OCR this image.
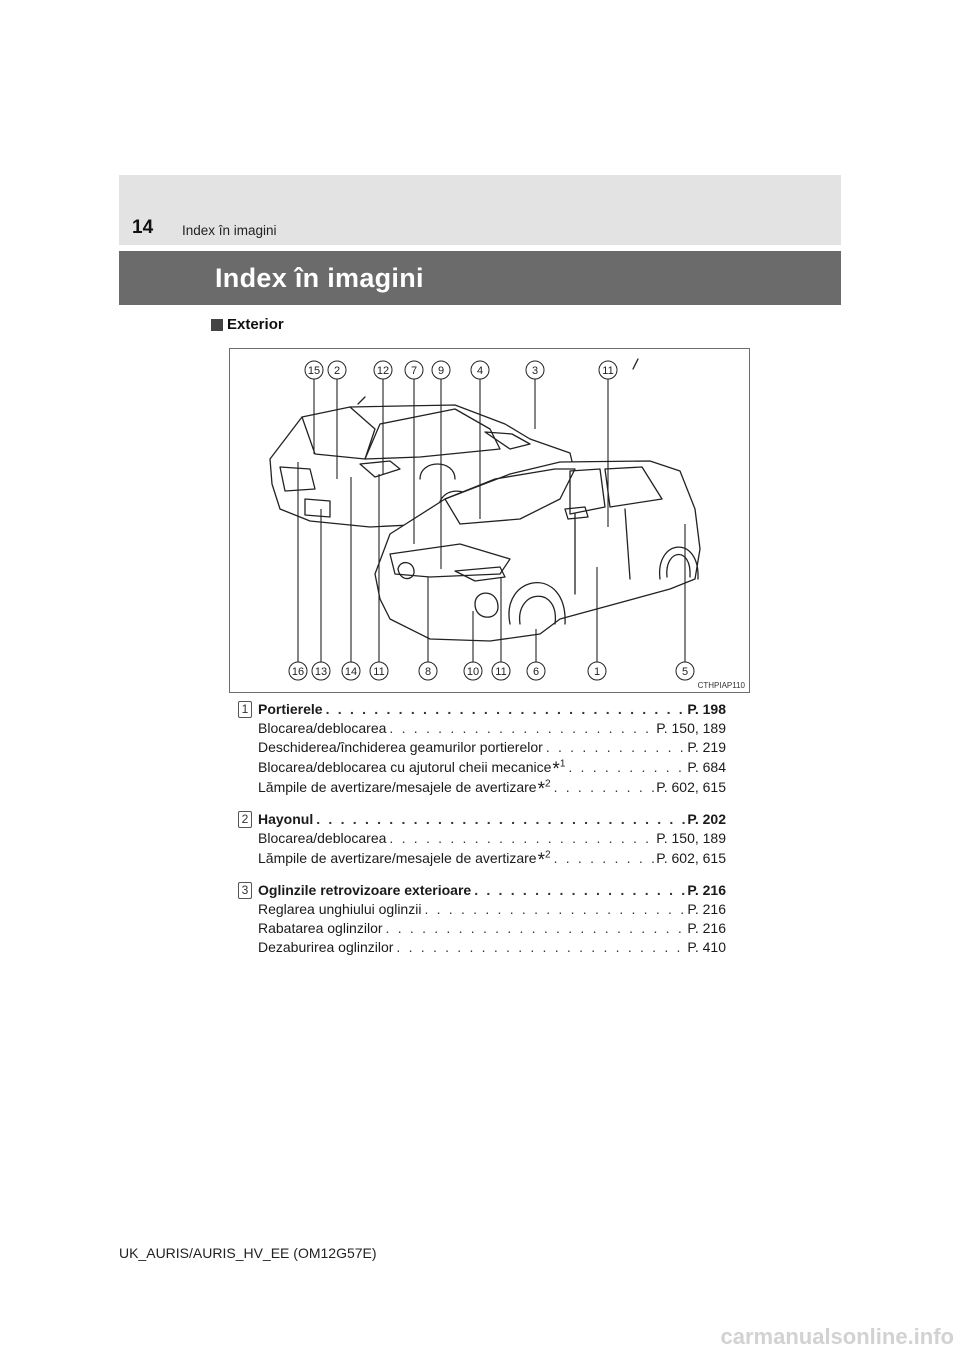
14 Index în imagini
Index în imagini
Exterior
15 2	12 7 9	4	3	11
16 13 14 11	8	10 11 6	1	5
CTHPIAP110
1 Portierele . . .	P. 198
Blocarea/deblocarea . . .	P. 150, 189
Deschiderea/închiderea geamurilor portierelor . . .	P. 219
Blocarea/deblocarea cu ajutorul cheii mecanice*$^1$ . . .	P. 684
Lămpile de avertizare/mesajele de avertizare*$^2$ . . .	P. 602, 615
2 Hayonul . . .	P. 202
Blocarea/deblocarea . . .	P. 150, 189
Lămpile de avertizare/mesajele de avertizare*$^2$ . . .	P. 602, 615
3 Oglinzile retrovizoare exterioare . . .	P. 216
Reglarea unghiului oglinzii . . .	P. 216
Rabatarea oglinzilor . . .	P. 216
Dezaburirea oglinzilor . . .	P. 410
UK_AURIS/AURIS_HV_EE (OM12G57E)
carmanualsonline.info
